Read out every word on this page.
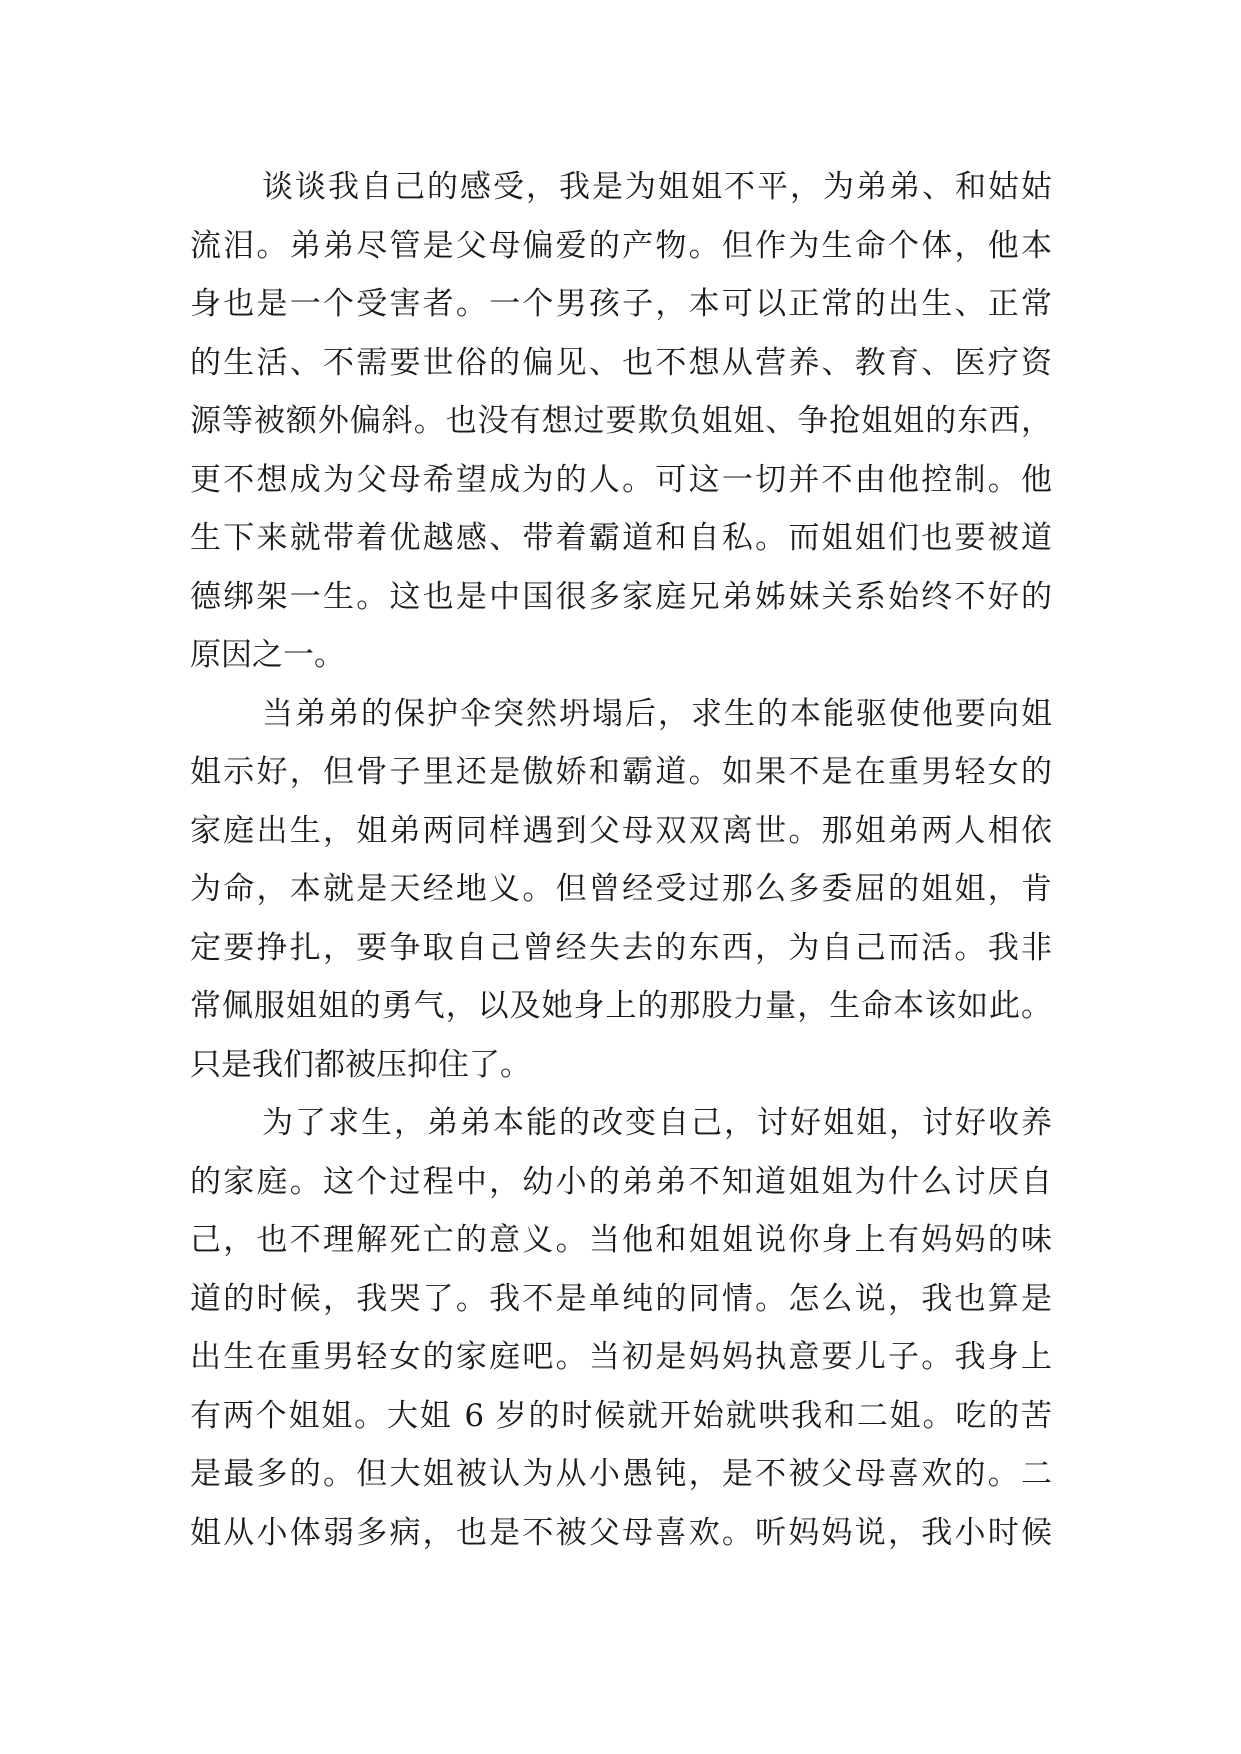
谈谈我自己的感受，我是为姐姐不平，为弟弟、和姑姑
流泪。弟弟尽管是父母偏爱的产物。但作为生命个体，他本
身也是一个受害者。一个男孩子，本可以正常的出生、正常
的生活、不需要世俗的偏见、也不想从营养、教育、医疗资
源等被额外偏斜。也没有想过要欺负姐姐、争抢姐姐的东西，
更不想成为父母希望成为的人。可这一切并不由他控制。他
生下来就带着优越感、带着霸道和自私。而姐姐们也要被道
德绑架一生。这也是中国很多家庭兄弟姊妹关系始终不好的
原因之一。
当弟弟的保护伞突然坍塌后，求生的本能驱使他要向姐
姐示好，但骨子里还是傲娇和霸道。如果不是在重男轻女的
家庭出生，姐弟两同样遇到父母双双离世。那姐弟两人相依
为命，本就是天经地义。但曾经受过那么多委屈的姐姐，肯
定要挣扎，要争取自己曾经失去的东西，为自己而活。我非
常佩服姐姐的勇气，以及她身上的那股力量，生命本该如此。
只是我们都被压抑住了。
为了求生，弟弟本能的改变自己，讨好姐姐，讨好收养
的家庭。这个过程中，幼小的弟弟不知道姐姐为什么讨厌自
己，也不理解死亡的意义。当他和姐姐说你身上有妈妈的味
道的时候，我哭了。我不是单纯的同情。怎么说，我也算是
出生在重男轻女的家庭吧。当初是妈妈执意要儿子。我身上
有两个姐姐。大姐 6 岁的时候就开始就哄我和二姐。吃的苦
是最多的。但大姐被认为从小愚钝，是不被父母喜欢的。二
姐从小体弱多病，也是不被父母喜欢。听妈妈说，我小时候
